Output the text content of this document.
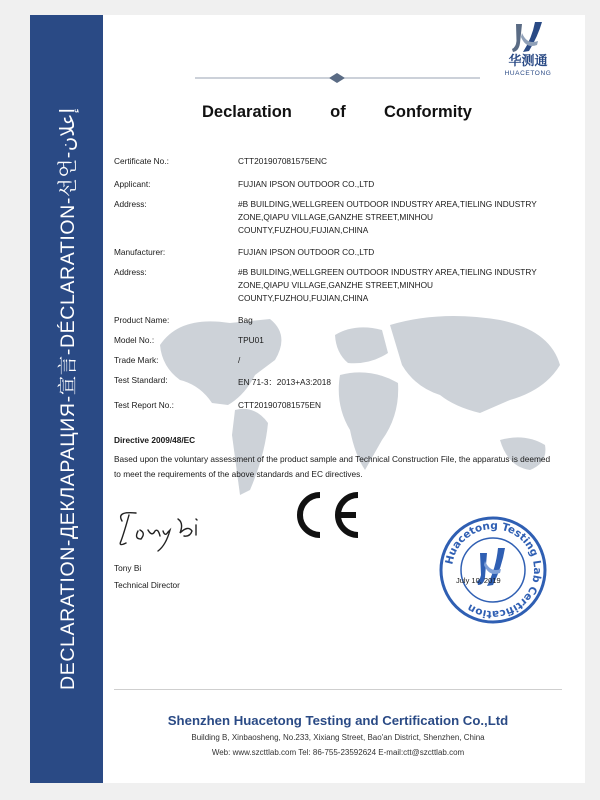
DECLARATION-ДЕКЛАРАЦИЯ-宣言-DÉCLARATION-선언-إعلان
华测通
HUACETONG
Declaration of Conformity
Certificate No.:	CTT201907081575ENC
Applicant:	FUJIAN IPSON OUTDOOR CO.,LTD
Address:	#B BUILDING,WELLGREEN OUTDOOR INDUSTRY AREA,TIELING INDUSTRY ZONE,QIAPU VILLAGE,GANZHE STREET,MINHOU COUNTY,FUZHOU,FUJIAN,CHINA
Manufacturer:	FUJIAN IPSON OUTDOOR CO.,LTD
Address:	#B BUILDING,WELLGREEN OUTDOOR INDUSTRY AREA,TIELING INDUSTRY ZONE,QIAPU VILLAGE,GANZHE STREET,MINHOU COUNTY,FUZHOU,FUJIAN,CHINA
Product Name:	Bag
Model No.:	TPU01
Trade Mark:	/
Test Standard:	EN 71-3：2013+A3:2018
Test Report No.:	CTT201907081575EN
Directive 2009/48/EC
Based upon the voluntary assessment of the product sample and Technical Construction File, the apparatus is deemed to meet the requirements of the above standards and EC directives.
Tony Bi
Technical Director
Huacetong Testing Lab Certification
July 10, 2019
Shenzhen Huacetong Testing and Certification Co.,Ltd
Building B, Xinbaosheng, No.233, Xixiang Street, Bao'an District, Shenzhen, China
Web: www.szcttlab.com Tel: 86-755-23592624 E-mail:ctt@szcttlab.com
